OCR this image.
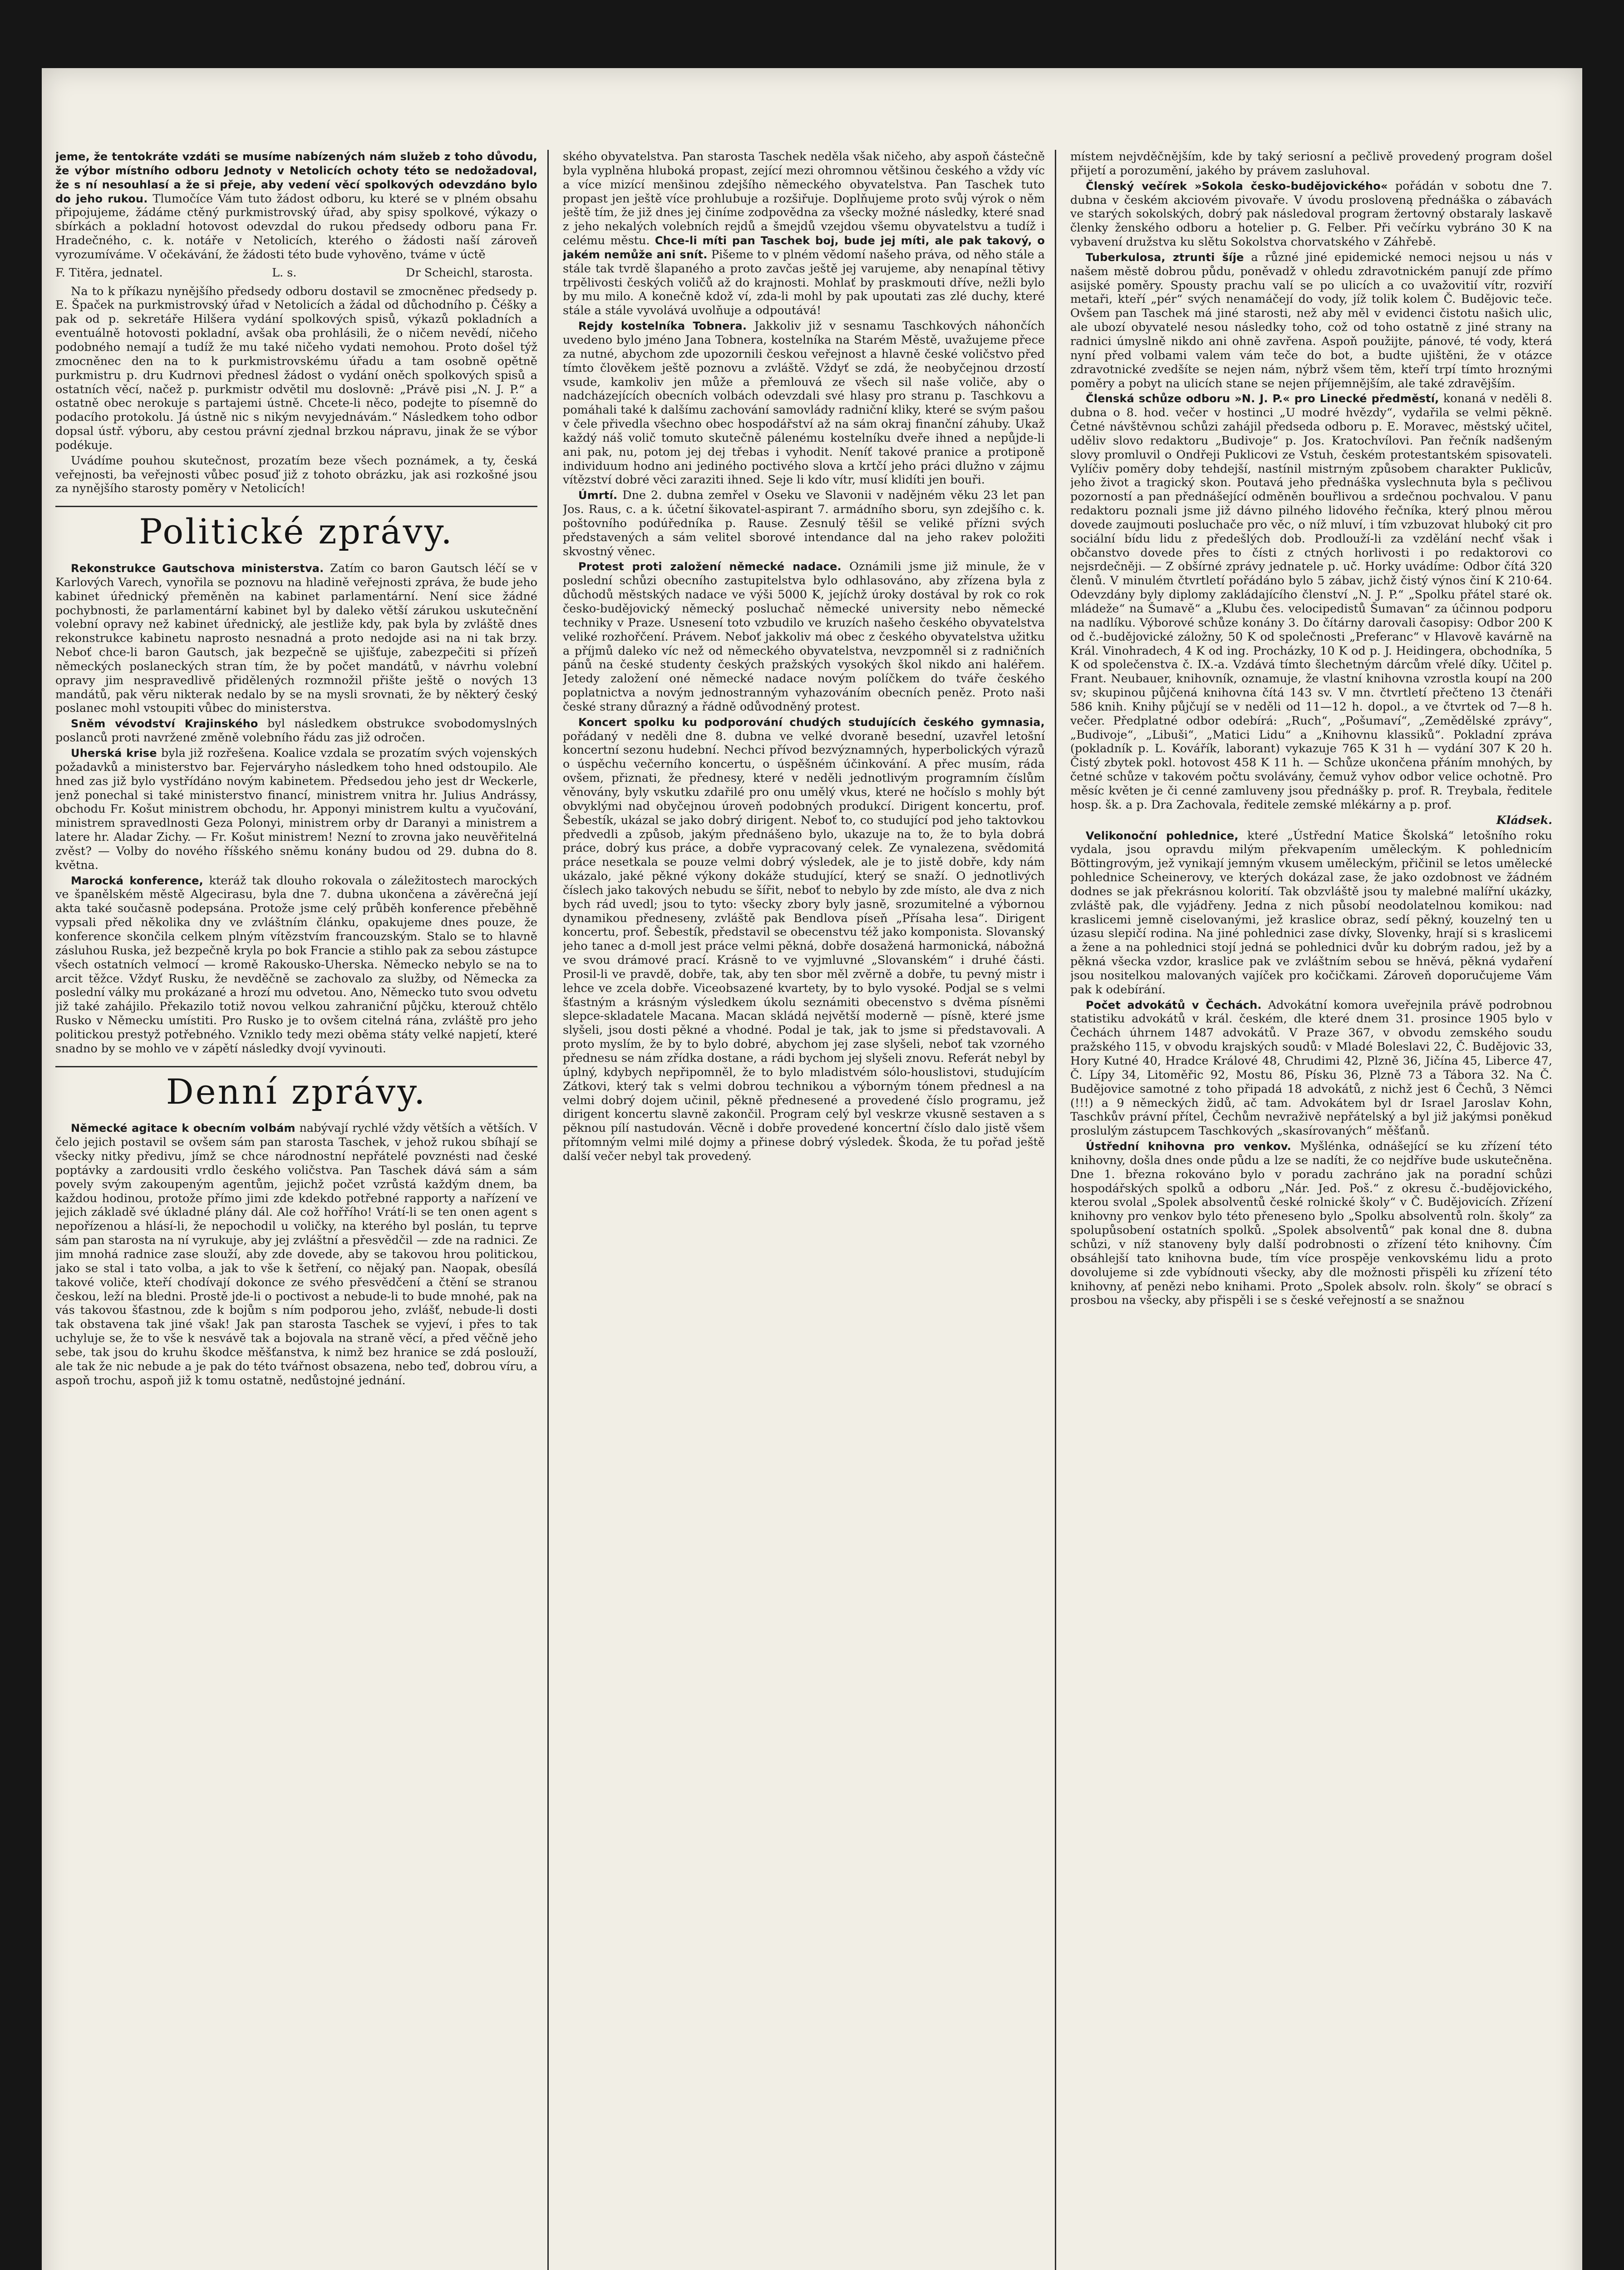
jeme, že tentokráte vzdáti se musíme nabízených nám služeb z toho důvodu, že výbor místního odboru Jednoty v Netolicích ochoty této se nedožadoval, že s ní nesouhlasí a že si přeje, aby vedení věcí spolkových odevzdáno bylo do jeho rukou. Tlumočíce Vám tuto žádost odboru, ku které se v plném obsahu připojujeme, žádáme ctěný purkmistrovský úřad, aby spisy spolkové, výkazy o sbírkách a pokladní hotovost odevzdal do rukou předsedy odboru pana Fr. Hradečného, c. k. notáře v Netolicích, kterého o žádosti naší zároveň vyrozumíváme. V očekávání, že žádosti této bude vyhověno, tváme v úctě

F. Titěra, jednatel.	L. s.	Dr Scheichl, starosta.

Na to k příkazu nynějšího předsedy odboru dostavil se zmocněnec předsedy p. E. Špaček na purkmistrovský úřad v Netolicích a žádal od důchodního p. Čéšky a pak od p. sekretáře Hilšera vydání spolkových spisů, výkazů pokladních a eventuálně hotovosti pokladní, avšak oba prohlásili, že o ničem nevědí, ničeho podobného nemají a tudíž že mu také ničeho vydati nemohou. Proto došel týž zmocněnec den na to k purkmistrovskému úřadu a tam osobně opětně purkmistru p. dru Kudrnovi přednesl žádost o vydání oněch spolkových spisů a ostatních věcí, načež p. purkmistr odvětil mu doslovně: „Právě pisi „N. J. P.“ a ostatně obec nerokuje s partajemi ústně. Chcete-li něco, podejte to písemně do podacího protokolu. Já ústně nic s nikým nevyjednávám.“ Následkem toho odbor dopsal ústř. výboru, aby cestou právní zjednal brzkou nápravu, jinak že se výbor podékuje.

Uvádíme pouhou skutečnost, prozatím beze všech poznámek, a ty, česká veřejnosti, ba veřejnosti vůbec posuď již z tohoto obrázku, jak asi rozkošné jsou za nynějšího starosty poměry v Netolicích!

Politické zprávy.

Rekonstrukce Gautschova ministerstva. Zatím co baron Gautsch léčí se v Karlových Varech, vynořila se poznovu na hladině veřejnosti zpráva, že bude jeho kabinet úřednický přeměněn na kabinet parlamentární. Není sice žádné pochybnosti, že parlamentární kabinet byl by daleko větší zárukou uskutečnění volební opravy než kabinet úřednický, ale jestliže kdy, pak byla by zvláště dnes rekonstrukce kabinetu naprosto nesnadná a proto nedojde asi na ni tak brzy. Neboť chce-li baron Gautsch, jak bezpečně se ujišťuje, zabezpečiti si přízeň německých poslaneckých stran tím, že by počet mandátů, v návrhu volební opravy jim nespravedlivě přidělených rozmnožil přište ještě o nových 13 mandátů, pak věru nikterak nedalo by se na mysli srovnati, že by některý český poslanec mohl vstoupiti vůbec do ministerstva.

Sněm vévodství Krajinského byl následkem obstrukce svobodomyslných poslanců proti navržené změně volebního řádu zas již odročen.

Uherská krise byla již rozřešena. Koalice vzdala se prozatím svých vojenských požadavků a ministerstvo bar. Fejerváryho následkem toho hned odstoupilo. Ale hned zas již bylo vystřídáno novým kabinetem. Předsedou jeho jest dr Weckerle, jenž ponechal si také ministerstvo financí, ministrem vnitra hr. Julius Andrássy, obchodu Fr. Košut ministrem obchodu, hr. Apponyi ministrem kultu a vyučování, ministrem spravedlnosti Geza Polonyi, ministrem orby dr Daranyi a ministrem a latere hr. Aladar Zichy. — Fr. Košut ministrem! Nezní to zrovna jako neuvěřitelná zvěst? — Volby do nového říšského sněmu konány budou od 29. dubna do 8. května.

Marocká konference, kteráž tak dlouho rokovala o záležitostech marockých ve španělském městě Algecirasu, byla dne 7. dubna ukončena a závěrečná její akta také současně podepsána. Protože jsme celý průběh konference přeběhně vypsali před několika dny ve zvláštním článku, opakujeme dnes pouze, že konference skončila celkem plným vítězstvím francouzským. Stalo se to hlavně zásluhou Ruska, jež bezpečně kryla po bok Francie a stihlo pak za sebou zástupce všech ostatních velmocí — kromě Rakousko-Uherska. Německo nebylo se na to arcit těžce. Vždyť Rusku, že nevděčně se zachovalo za služby, od Německa za poslední války mu prokázané a hrozí mu odvetou. Ano, Německo tuto svou odvetu již také zahájilo. Překazilo totiž novou velkou zahraniční půjčku, kterouž chtělo Rusko v Německu umístiti. Pro Rusko je to ovšem citelná rána, zvláště pro jeho politickou prestyž potřebného. Vzniklo tedy mezi oběma státy velké napjetí, které snadno by se mohlo ve v zápětí následky dvojí vyvinouti.

Denní zprávy.

Německé agitace k obecním volbám nabývají rychlé vždy větších a větších. V čelo jejich postavil se ovšem sám pan starosta Taschek, v jehož rukou sbíhají se všecky nitky předivu, jímž se chce národnostní nepřátelé povznésti nad české poptávky a zardousiti vrdlo českého voličstva. Pan Taschek dává sám a sám povely svým zakoupeným agentům, jejichž počet vzrůstá každým dnem, ba každou hodinou, protože přímo jimi zde kdekdo potřebné rapporty a nařízení ve jejich základě své úkladné plány dál. Ale což hořřího! Vrátí-li se ten onen agent s nepořízenou a hlásí-li, že nepochodil u voličky, na kterého byl poslán, tu teprve sám pan starosta na ní vyrukuje, aby jej zvláštní a přesvědčil — zde na radnici. Ze jim mnohá radnice zase slouží, aby zde dovede, aby se takovou hrou politickou, jako se stal i tato volba, a jak to vše k šetření, co nějaký pan. Naopak, obesílá takové voliče, kteří chodívají dokonce ze svého přesvědčení a čtění se stranou českou, leží na bledni. Prostě jde-li o poctivost a nebude-li to bude mnohé, pak na vás takovou šťastnou, zde k bojům s ním podporou jeho, zvlášť, nebude-li dosti tak obstavena tak jiné však! Jak pan starosta Taschek se vyjeví, i přes to tak uchyluje se, že to vše k nesvávě tak a bojovala na straně věcí, a před věčně jeho sebe, tak jsou do kruhu škodce měšťanstva, k nimž bez hranice se zdá poslouží, ale tak že nic nebude a je pak do této tvářnost obsazena, nebo teď, dobrou víru, a aspoň trochu, aspoň již k tomu ostatně, nedůstojné jednání.

ského obyvatelstva. Pan starosta Taschek neděla však ničeho, aby aspoň částečně byla vyplněna hluboká propast, zející mezi ohromnou většinou českého a vždy víc a více mizící menšinou zdejšího německého obyvatelstva. Pan Taschek tuto propast jen ještě více prohlubuje a rozšiřuje. Doplňujeme proto svůj výrok o něm ještě tím, že již dnes jej činíme zodpovědna za všecky možné následky, které snad z jeho nekalých volebních rejdů a šmejdů vzejdou všemu obyvatelstvu a tudíž i celému městu. Chce-li míti pan Taschek boj, bude jej míti, ale pak takový, o jakém nemůže ani snít. Pišeme to v plném vědomí našeho práva, od něho stále a stále tak tvrdě šlapaného a proto zavčas ještě jej varujeme, aby nenapínal tětivy trpělivosti českých voličů až do krajnosti. Mohlať by praskmouti dříve, nežli bylo by mu milo. A konečně kdož ví, zda-li mohl by pak upoutati zas zlé duchy, které stále a stále vyvolává uvolňuje a odpoutává!

Rejdy kostelníka Tobnera. Jakkoliv již v sesnamu Taschkových náhončích uvedeno bylo jméno Jana Tobnera, kostelníka na Starém Městě, uvažujeme přece za nutné, abychom zde upozornili českou veřejnost a hlavně české voličstvo před tímto člověkem ještě poznovu a zvláště. Vždyť se zdá, že neobyčejnou drzostí vsude, kamkoliv jen může a přemlouvá ze všech sil naše voliče, aby o nadcházejících obecních volbách odevzdali své hlasy pro stranu p. Taschkovu a pomáhali také k dalšímu zachování samovlády radniční kliky, které se svým pašou v čele přivedla všechno obec hospodářství až na sám okraj finanční záhuby. Ukaž každý náš volič tomuto skutečně pálenému kostelníku dveře ihned a nepůjde-li ani pak, nu, potom jej dej třebas i vyhodit. Neníť takové pranice a protiponě individuum hodno ani jediného poctivého slova a krtčí jeho práci dlužno v zájmu vítězství dobré věci zaraziti ihned. Seje li kdo vítr, musí klidíti jen bouři.

Úmrtí. Dne 2. dubna zemřel v Oseku ve Slavonii v nadějném věku 23 let pan Jos. Raus, c. a k. účetní šikovatel-aspirant 7. armádního sboru, syn zdejšího c. k. poštovního podúředníka p. Rause. Zesnulý těšil se veliké přízni svých představených a sám velitel sborové intendance dal na jeho rakev položiti skvostný věnec.

Protest proti založení německé nadace. Oznámili jsme již minule, že v poslední schůzi obecního zastupitelstva bylo odhlasováno, aby zřízena byla z důchodů městských nadace ve výši 5000 K, jejíchž úroky dostával by rok co rok česko-budějovický německý posluchač německé university nebo německé techniky v Praze. Usnesení toto vzbudilo ve kruzích našeho českého obyvatelstva veliké rozhořčení. Právem. Neboť jakkoliv má obec z českého obyvatelstva užitku a příjmů daleko víc než od německého obyvatelstva, nevzpomněl si z radničních pánů na české studenty českých pražských vysokých škol nikdo ani haléřem. Jetedy založení oné německé nadace novým políčkem do tváře českého poplatnictva a novým jednostranným vyhazováním obecních peněz. Proto naši české strany důrazný a řádně odůvodněný protest.

Koncert spolku ku podporování chudých studujících českého gymnasia, pořádaný v neděli dne 8. dubna ve velké dvoraně besední, uzavřel letošní koncertní sezonu hudební. Nechci přívod bezvýznamných, hyperbolických výrazů o úspěchu večerního koncertu, o úspěšném účinkování. A přec musím, ráda ovšem, přiznati, že přednesy, které v neděli jednotlivým programním číslům věnovány, byly vskutku zdařilé pro onu umělý vkus, které ne hočíslo s mohly být obvyklými nad obyčejnou úroveň podobných produkcí. Dirigent koncertu, prof. Šebestík, ukázal se jako dobrý dirigent. Neboť to, co studující pod jeho taktovkou předvedli a způsob, jakým přednášeno bylo, ukazuje na to, že to byla dobrá práce, dobrý kus práce, a dobře vypracovaný celek. Ze vynalezena, svědomitá práce nesetkala se pouze velmi dobrý výsledek, ale je to jistě dobře, kdy nám ukázalo, jaké pěkné výkony dokáže studující, který se snaží. O jednotlivých číslech jako takových nebudu se šířit, neboť to nebylo by zde místo, ale dva z nich bych rád uvedl; jsou to tyto: všecky zbory byly jasně, srozumitelné a výbornou dynamikou předneseny, zvláště pak Bendlova píseň „Přísaha lesa“. Dirigent koncertu, prof. Šebestík, představil se obecenstvu též jako komponista. Slovanský jeho tanec a d-moll jest práce velmi pěkná, dobře dosažená harmonická, nábožná ve svou drámové prací. Krásně to ve vyjmluvné „Slovanském“ i druhé části. Prosil-li ve pravdě, dobře, tak, aby ten sbor měl zvěrně a dobře, tu pevný mistr i lehce ve zcela dobře. Viceobsazené kvartety, by to bylo vysoké. Podjal se s velmi šťastným a krásným výsledkem úkolu seznámiti obecenstvo s dvěma písněmi slepce-skladatele Macana. Macan skládá největší moderně — písně, které jsme slyšeli, jsou dosti pěkné a vhodné. Podal je tak, jak to jsme si představovali. A proto myslím, že by to bylo dobré, abychom jej zase slyšeli, neboť tak vzorného přednesu se nám zřídka dostane, a rádi bychom jej slyšeli znovu. Referát nebyl by úplný, kdybych nepřipomněl, že to bylo mladistvém sólo-houslistovi, studujícím Zátkovi, který tak s velmi dobrou technikou a výborným tónem přednesl a na velmi dobrý dojem učinil, pěkně přednesené a provedené číslo programu, jež dirigent koncertu slavně zakončil. Program celý byl veskrze vkusně sestaven a s pěknou pílí nastudován. Věcně i dobře provedené koncertní číslo dalo jistě všem přítomným velmi milé dojmy a přinese dobrý výsledek. Škoda, že tu pořad ještě další večer nebyl tak provedený.

místem nejvděčnějším, kde by taký seriosní a pečlivě provedený program došel přijetí a porozumění, jakého by právem zasluhoval.

Členský večírek »Sokola česko-budějovického« pořádán v sobotu dne 7. dubna v českém akciovém pivovaře. V úvodu prosloveną přednáška o zábavách ve starých sokolských, dobrý pak následoval program žertovný obstaraly laskavě členky ženského odboru a hotelier p. G. Felber. Při večírku vybráno 30 K na vybavení družstva ku slětu Sokolstva chorvatského v Záhřebě.

Tuberkulosa, ztrunti šíje a různé jiné epidemické nemoci nejsou u nás v našem městě dobrou půdu, poněvadž v ohledu zdravotnickém panují zde přímo asijské poměry. Spousty prachu valí se po ulicích a co uvažovitií vítr, rozviří metaři, kteří „pér“ svých nenamáčejí do vody, jíž tolik kolem Č. Budějovic teče. Ovšem pan Taschek má jiné starosti, než aby měl v evidenci čistotu našich ulic, ale ubozí obyvatelé nesou následky toho, což od toho ostatně z jiné strany na radnici úmyslně nikdo ani ohně zavřena. Aspoň použijte, pánové, té vody, která nyní před volbami valem vám teče do bot, a budte ujištěni, že v otázce zdravotnické zvedšíte se nejen nám, nýbrž všem těm, kteří trpí tímto hroznými poměry a pobyt na ulicích stane se nejen příjemnějším, ale také zdravějším.

Členská schůze odboru »N. J. P.« pro Linecké předměstí, konaná v neděli 8. dubna o 8. hod. večer v hostinci „U modré hvězdy“, vydařila se velmi pěkně. Četné návštěvnou schůzi zahájil předseda odboru p. E. Moravec, městský učitel, uděliv slovo redaktoru „Budivoje“ p. Jos. Kratochvílovi. Pan řečník nadšeným slovy promluvil o Ondřeji Puklicovi ze Vstuh, českém protestantském spisovateli. Vylíčiv poměry doby tehdejší, nastínil mistrným způsobem charakter Puklicův, jeho život a tragický skon. Poutavá jeho přednáška vyslechnuta byla s pečlivou pozorností a pan přednášející odměněn bouřlivou a srdečnou pochvalou. V panu redaktoru poznali jsme již dávno pilného lidového řečníka, který plnou měrou dovede zaujmouti posluchače pro věc, o níž mluví, i tím vzbuzovat hluboký cit pro sociální bídu lidu z předešlých dob. Prodlouží-li za vzdělání nechť však i občanstvo dovede přes to čísti z ctných horlivosti i po redaktorovi co nejsrdečněji. — Z obšírné zprávy jednatele p. uč. Horky uvádíme: Odbor čítá 320 členů. V minulém čtvrtletí pořádáno bylo 5 zábav, jichž čistý výnos činí K 210·64. Odevzdány byly diplomy zakládajícího členství „N. J. P.“ „Spolku přátel staré ok. mládeže“ na Šumavě“ a „Klubu čes. velocipedistů Šumavan“ za účinnou podporu na nadlíku. Výborové schůze konány 3. Do čítárny darovali časopisy: Odbor 200 K od č.-budějovické záložny, 50 K od společnosti „Preferanc“ v Hlavově kavárně na Král. Vinohradech, 4 K od ing. Procházky, 10 K od p. J. Heidingera, obchodníka, 5 K od společenstva č. IX.-a. Vzdává tímto šlechetným dárcům vřelé díky. Učitel p. Frant. Neubauer, knihovník, oznamuje, že vlastní knihovna vzrostla koupí na 200 sv; skupinou půjčená knihovna čítá 143 sv. V mn. čtvrtletí přečteno 13 čtenáři 586 knih. Knihy půjčují se v neděli od 11—12 h. dopol., a ve čtvrtek od 7—8 h. večer. Předplatné odbor odebírá: „Ruch“, „Pošumaví“, „Zemědělské zprávy“, „Budivoje“, „Libuši“, „Matici Lidu“ a „Knihovnu klassiků“. Pokladní zpráva (pokladník p. L. Kovářík, laborant) vykazuje 765 K 31 h — vydání 307 K 20 h. Čistý zbytek pokl. hotovost 458 K 11 h. — Schůze ukončena přáním mnohých, by četné schůze v takovém počtu svolávány, čemuž vyhov odbor velice ochotně. Pro měsíc květen je či cenné zamluveny jsou přednášky p. prof. R. Treybala, ředitele hosp. šk. a p. Dra Zachovala, ředitele zemské mlékárny a p. prof.

Kládsek.

Velikonoční pohlednice, které „Ústřední Matice Školská“ letošního roku vydala, jsou opravdu milým překvapením uměleckým. K pohlednicím Böttingrovým, jež vynikají jemným vkusem uměleckým, přičinil se letos umělecké pohlednice Scheinerovy, ve kterých dokázal zase, že jako ozdobnost ve žádném dodnes se jak překrásnou kolorití. Tak obzvláště jsou ty malebné malířní ukázky, zvláště pak, dle vyjádřeny. Jedna z nich působí neodolatelnou komikou: nad kraslicemi jemně ciselovanými, jež kraslice obraz, sedí pěkný, kouzelný ten u úzasu slepičí rodina. Na jiné pohlednici zase dívky, Slovenky, hrají si s kraslicemi a žene a na pohlednici stojí jedná se pohlednici dvůr ku dobrým radou, jež by a pěkná všecka vzdor, kraslice pak ve zvláštním sebou se hněvá, pěkná vydaření jsou nositelkou malovaných vajíček pro kočičkami. Zároveň doporučujeme Vám pak k odebírání.

Počet advokátů v Čechách. Advokátní komora uveřejnila právě podrobnou statistiku advokátů v král. českém, dle které dnem 31. prosince 1905 bylo v Čechách úhrnem 1487 advokátů. V Praze 367, v obvodu zemského soudu pražského 115, v obvodu krajských soudů: v Mladé Boleslavi 22, Č. Budějovic 33, Hory Kutné 40, Hradce Králové 48, Chrudimi 42, Plzně 36, Jičína 45, Liberce 47, Č. Lípy 34, Litoměřic 92, Mostu 86, Písku 36, Plzně 73 a Tábora 32. Na Č. Budějovice samotné z toho připadá 18 advokátů, z nichž jest 6 Čechů, 3 Němci (!!!) a 9 německých židů, ač tam. Advokátem byl dr Israel Jaroslav Kohn, Taschkův právní přítel, Čechům nevraživě nepřátelský a byl již jakýmsi poněkud proslulým zástupcem Taschkových „skasírovaných“ měšťanů.

Ústřední knihovna pro venkov. Myšlénka, odnášející se ku zřízení této knihovny, došla dnes onde půdu a lze se nadíti, že co nejdříve bude uskutečněna. Dne 1. března rokováno bylo v poradu zachráno jak na poradní schůzi hospodářských spolků a odboru „Nár. Jed. Poš.“ z okresu č.-budějovického, kterou svolal „Spolek absolventů české rolnické školy“ v Č. Budějovicích. Zřízení knihovny pro venkov bylo této přeneseno bylo „Spolku absolventů roln. školy“ za spolupůsobení ostatních spolků. „Spolek absolventů“ pak konal dne 8. dubna schůzi, v níž stanoveny byly další podrobnosti o zřízení této knihovny. Čím obsáhlejší tato knihovna bude, tím více prospěje venkovskému lidu a proto dovolujeme si zde vybídnouti všecky, aby dle možnosti přispěli ku zřízení této knihovny, ať penězi nebo knihami. Proto „Spolek absolv. roln. školy“ se obrací s prosbou na všecky, aby přispěli i se s české veřejností a se snažnou
